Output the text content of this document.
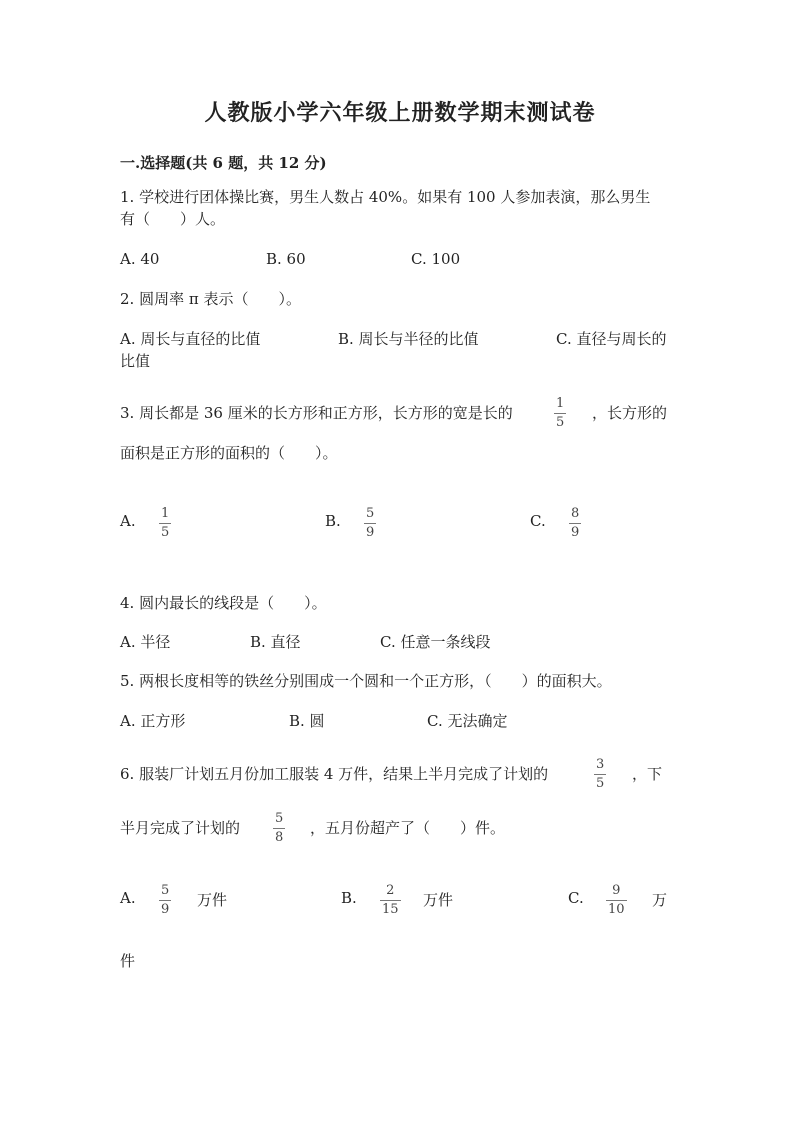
人教版小学六年级上册数学期末测试卷
一.选择题(共 6 题，共 12 分)
1. 学校进行团体操比赛，男生人数占 40%。如果有 100 人参加表演，那么男生
有（　　）人。
A. 40	B. 60	C. 100
2. 圆周率 π 表示（　　）。
A. 周长与直径的比值	B. 周长与半径的比值	C. 直径与周长的
比值
3. 周长都是 36 厘米的长方形和正方形，长方形的宽是长的
1
5
，长方形的
面积是正方形的面积的（　　）。
A. 1
5
B. 5
9
C. 8
9
4. 圆内最长的线段是（　　）。
A. 半径	B. 直径	C. 任意一条线段
5. 两根长度相等的铁丝分别围成一个圆和一个正方形，（　　）的面积大。
A. 正方形	B. 圆	C. 无法确定
6. 服装厂计划五月份加工服装 4 万件，结果上半月完成了计划的
3
5
，下
半月完成了计划的
5
8
，五月份超产了（　　）件。
A. 5
9
万件	B. 2
15
万件	C. 9
10
万
件
